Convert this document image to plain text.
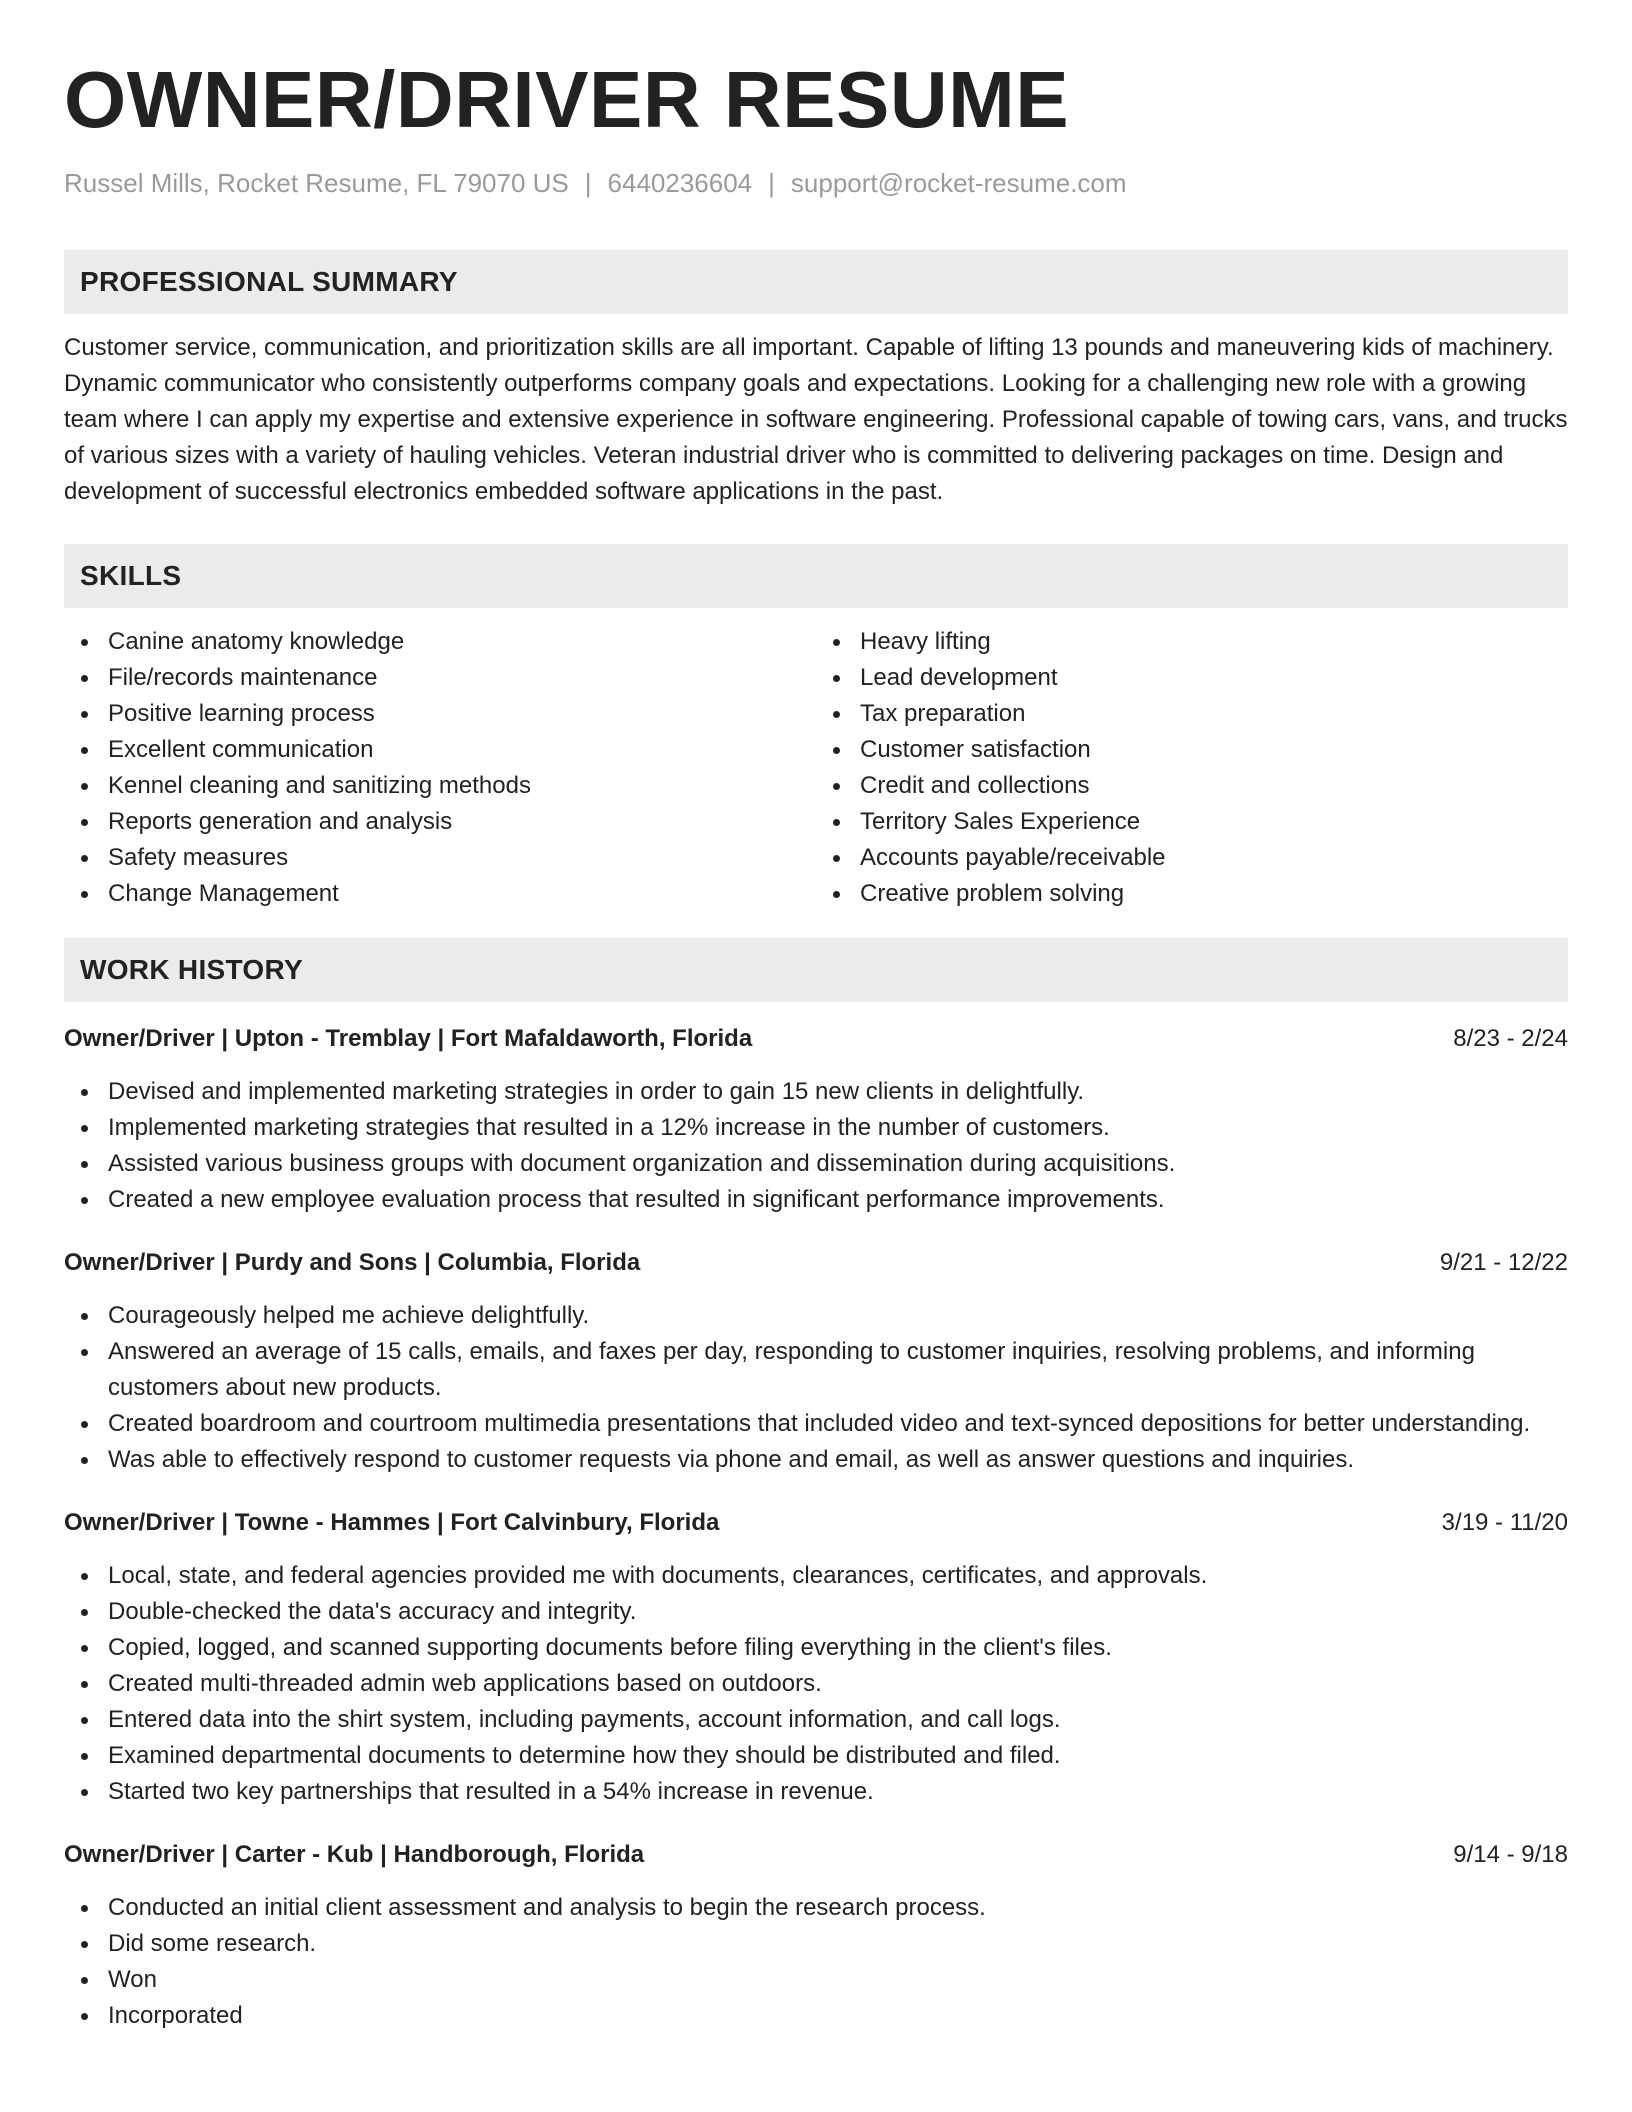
OWNER/DRIVER RESUME
Russel Mills, Rocket Resume, FL 79070 US | 6440236604 | support@rocket-resume.com
PROFESSIONAL SUMMARY
Customer service, communication, and prioritization skills are all important. Capable of lifting 13 pounds and maneuvering kids of machinery. Dynamic communicator who consistently outperforms company goals and expectations. Looking for a challenging new role with a growing team where I can apply my expertise and extensive experience in software engineering. Professional capable of towing cars, vans, and trucks of various sizes with a variety of hauling vehicles. Veteran industrial driver who is committed to delivering packages on time. Design and development of successful electronics embedded software applications in the past.
SKILLS
Canine anatomy knowledge
File/records maintenance
Positive learning process
Excellent communication
Kennel cleaning and sanitizing methods
Reports generation and analysis
Safety measures
Change Management
Heavy lifting
Lead development
Tax preparation
Customer satisfaction
Credit and collections
Territory Sales Experience
Accounts payable/receivable
Creative problem solving
WORK HISTORY
Owner/Driver | Upton - Tremblay | Fort Mafaldaworth, Florida	8/23 - 2/24
Devised and implemented marketing strategies in order to gain 15 new clients in delightfully.
Implemented marketing strategies that resulted in a 12% increase in the number of customers.
Assisted various business groups with document organization and dissemination during acquisitions.
Created a new employee evaluation process that resulted in significant performance improvements.
Owner/Driver | Purdy and Sons | Columbia, Florida	9/21 - 12/22
Courageously helped me achieve delightfully.
Answered an average of 15 calls, emails, and faxes per day, responding to customer inquiries, resolving problems, and informing customers about new products.
Created boardroom and courtroom multimedia presentations that included video and text-synced depositions for better understanding.
Was able to effectively respond to customer requests via phone and email, as well as answer questions and inquiries.
Owner/Driver | Towne - Hammes | Fort Calvinbury, Florida	3/19 - 11/20
Local, state, and federal agencies provided me with documents, clearances, certificates, and approvals.
Double-checked the data's accuracy and integrity.
Copied, logged, and scanned supporting documents before filing everything in the client's files.
Created multi-threaded admin web applications based on outdoors.
Entered data into the shirt system, including payments, account information, and call logs.
Examined departmental documents to determine how they should be distributed and filed.
Started two key partnerships that resulted in a 54% increase in revenue.
Owner/Driver | Carter - Kub | Handborough, Florida	9/14 - 9/18
Conducted an initial client assessment and analysis to begin the research process.
Did some research.
Won
Incorporated
